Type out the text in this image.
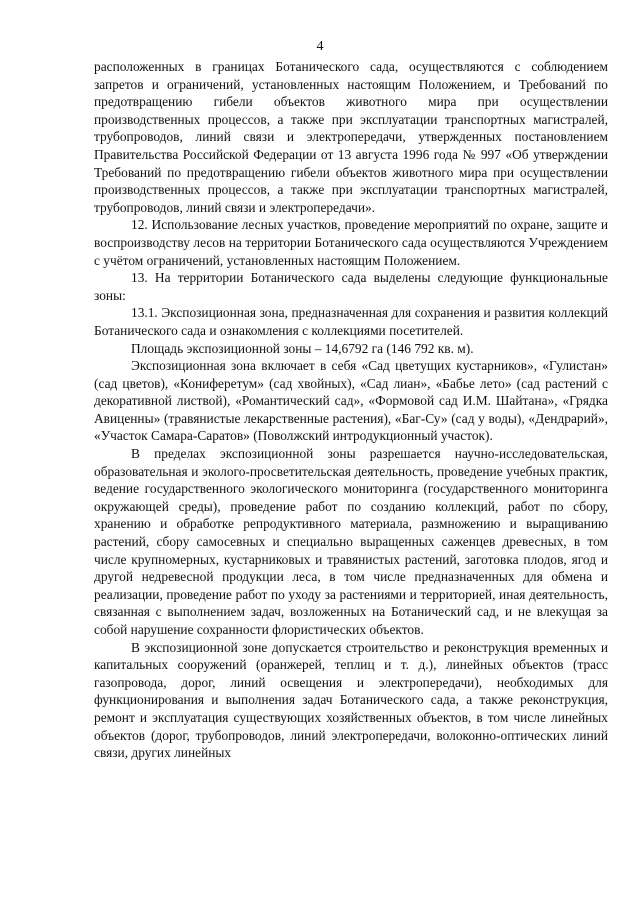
4

расположенных в границах Ботанического сада, осуществляются с соблюдением запретов и ограничений, установленных настоящим Положением, и Требований по предотвращению гибели объектов животного мира при осуществлении производственных процессов, а также при эксплуатации транспортных магистралей, трубопроводов, линий связи и электропередачи, утвержденных постановлением Правительства Российской Федерации от 13 августа 1996 года № 997 «Об утверждении Требований по предотвращению гибели объектов животного мира при осуществлении производственных процессов, а также при эксплуатации транспортных магистралей, трубопроводов, линий связи и электропередачи».

12. Использование лесных участков, проведение мероприятий по охране, защите и воспроизводству лесов на территории Ботанического сада осуществляются Учреждением с учётом ограничений, установленных настоящим Положением.

13. На территории Ботанического сада выделены следующие функциональные зоны:

13.1. Экспозиционная зона, предназначенная для сохранения и развития коллекций Ботанического сада и ознакомления с коллекциями посетителей.

Площадь экспозиционной зоны – 14,6792 га (146 792 кв. м).

Экспозиционная зона включает в себя «Сад цветущих кустарников», «Гулистан» (сад цветов), «Кониферетум» (сад хвойных), «Сад лиан», «Бабье лето» (сад растений с декоративной листвой), «Романтический сад», «Формовой сад И.М. Шайтана», «Грядка Авиценны» (травянистые лекарственные растения), «Баг-Су» (сад у воды), «Дендрарий», «Участок Самара-Саратов» (Поволжский интродукционный участок).

В пределах экспозиционной зоны разрешается научно-исследовательская, образовательная и эколого-просветительская деятельность, проведение учебных практик, ведение государственного экологического мониторинга (государственного мониторинга окружающей среды), проведение работ по созданию коллекций, работ по сбору, хранению и обработке репродуктивного материала, размножению и выращиванию растений, сбору самосевных и специально выращенных саженцев древесных, в том числе крупномерных, кустарниковых и травянистых растений, заготовка плодов, ягод и другой недревесной продукции леса, в том числе предназначенных для обмена и реализации, проведение работ по уходу за растениями и территорией, иная деятельность, связанная с выполнением задач, возложенных на Ботанический сад, и не влекущая за собой нарушение сохранности флористических объектов.

В экспозиционной зоне допускается строительство и реконструкция временных и капитальных сооружений (оранжерей, теплиц и т. д.), линейных объектов (трасс газопровода, дорог, линий освещения и электропередачи), необходимых для функционирования и выполнения задач Ботанического сада, а также реконструкция, ремонт и эксплуатация существующих хозяйственных объектов, в том числе линейных объектов (дорог, трубопроводов, линий электропередачи, волоконно-оптических линий связи, других линейных
